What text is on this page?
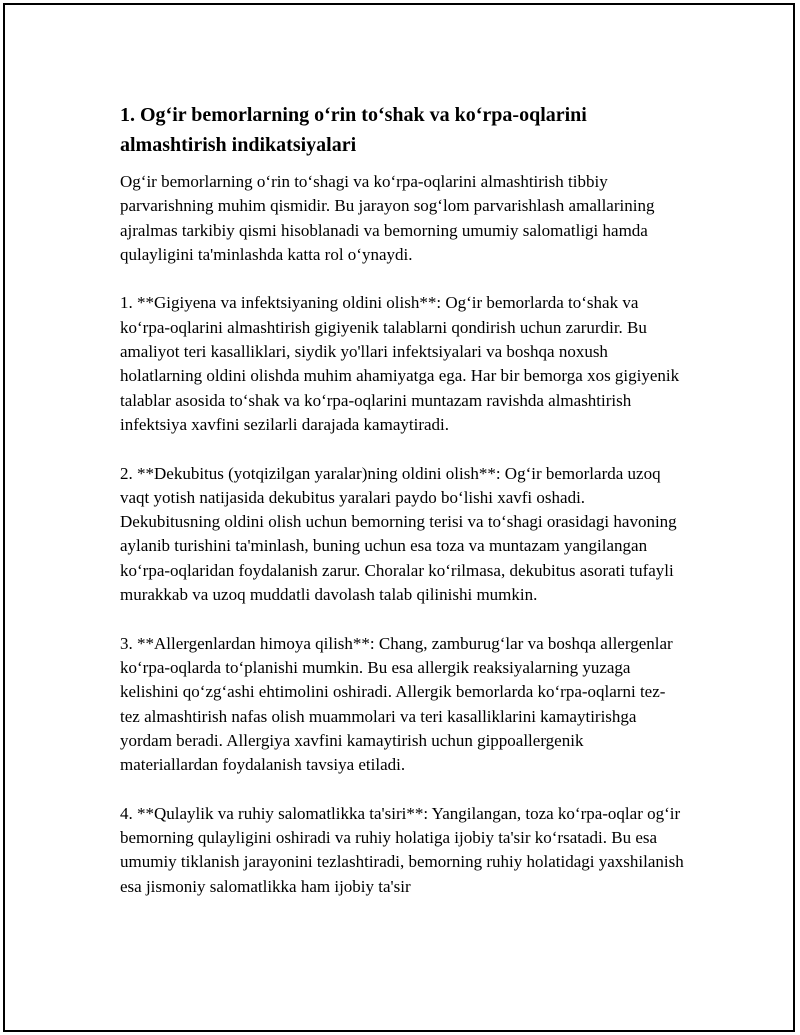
1. Og‘ir bemorlarning o‘rin to‘shak va ko‘rpa-oqlarini almashtirish indikatsiyalari

Og‘ir bemorlarning o‘rin to‘shagi va ko‘rpa-oqlarini almashtirish tibbiy parvarishning muhim qismidir. Bu jarayon sog‘lom parvarishlash amallarining ajralmas tarkibiy qismi hisoblanadi va bemorning umumiy salomatligi hamda qulayligini ta'minlashda katta rol o‘ynaydi.

1. **Gigiyena va infektsiyaning oldini olish**: Og‘ir bemorlarda to‘shak va ko‘rpa-oqlarini almashtirish gigiyenik talablarni qondirish uchun zarurdir. Bu amaliyot teri kasalliklari, siydik yo'llari infektsiyalari va boshqa noxush holatlarning oldini olishda muhim ahamiyatga ega. Har bir bemorga xos gigiyenik talablar asosida to‘shak va ko‘rpa-oqlarini muntazam ravishda almashtirish infektsiya xavfini sezilarli darajada kamaytiradi.

2. **Dekubitus (yotqizilgan yaralar)ning oldini olish**: Og‘ir bemorlarda uzoq vaqt yotish natijasida dekubitus yaralari paydo bo‘lishi xavfi oshadi. Dekubitusning oldini olish uchun bemorning terisi va to‘shagi orasidagi havoning aylanib turishini ta'minlash, buning uchun esa toza va muntazam yangilangan ko‘rpa-oqlaridan foydalanish zarur. Choralar ko‘rilmasa, dekubitus asorati tufayli murakkab va uzoq muddatli davolash talab qilinishi mumkin.

3. **Allergenlardan himoya qilish**: Chang, zamburug‘lar va boshqa allergenlar ko‘rpa-oqlarda to‘planishi mumkin. Bu esa allergik reaksiyalarning yuzaga kelishini qo‘zg‘ashi ehtimolini oshiradi. Allergik bemorlarda ko‘rpa-oqlarni tez-tez almashtirish nafas olish muammolari va teri kasalliklarini kamaytirishga yordam beradi. Allergiya xavfini kamaytirish uchun gippoallergenik materiallardan foydalanish tavsiya etiladi.

4. **Qulaylik va ruhiy salomatlikka ta'siri**: Yangilangan, toza ko‘rpa-oqlar og‘ir bemorning qulayligini oshiradi va ruhiy holatiga ijobiy ta'sir ko‘rsatadi. Bu esa umumiy tiklanish jarayonini tezlashtiradi, bemorning ruhiy holatidagi yaxshilanish esa jismoniy salomatlikka ham ijobiy ta'sir
